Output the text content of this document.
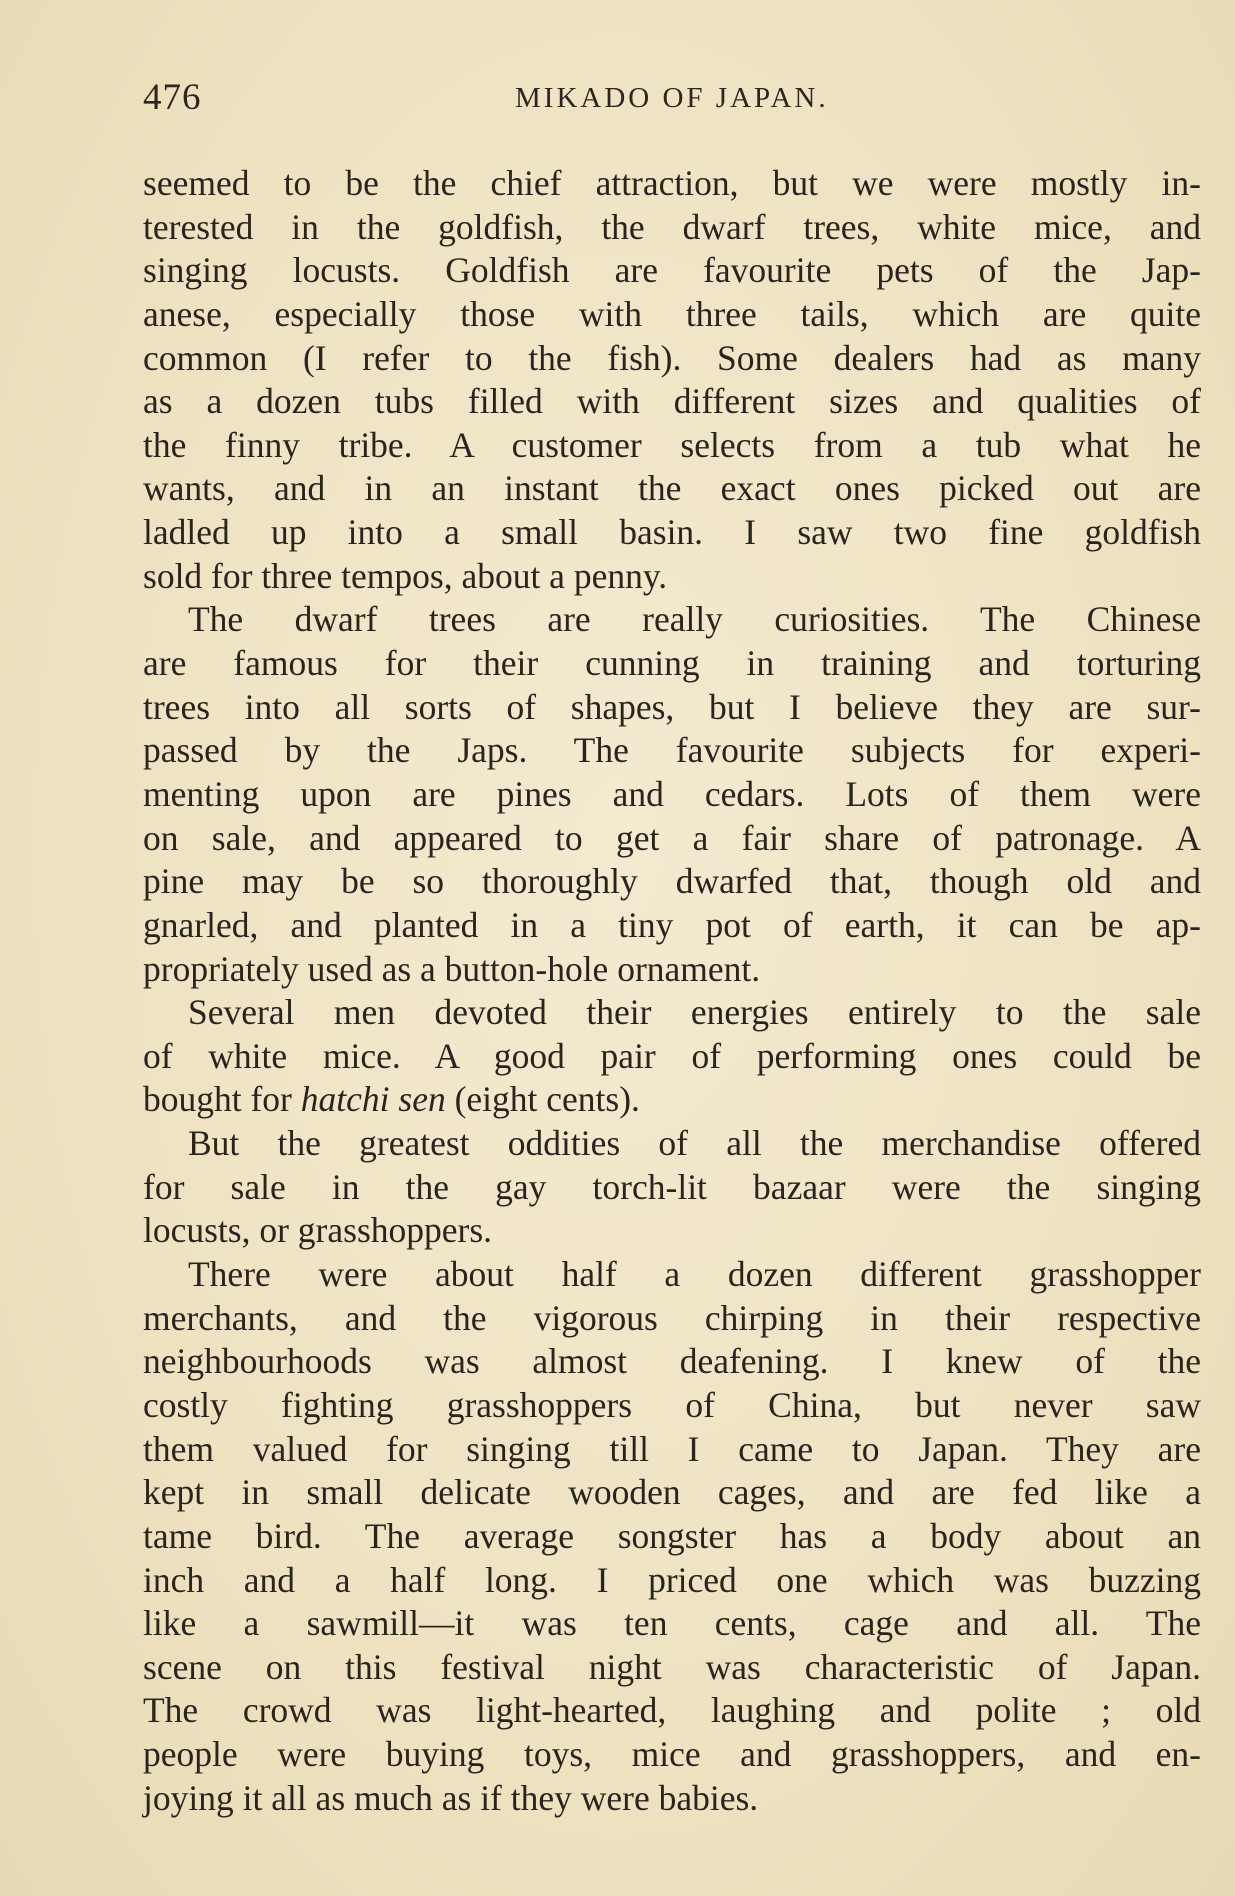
476	MIKADO OF JAPAN.
seemed to be the chief attraction, but we were mostly in-
terested in the goldfish, the dwarf trees, white mice, and
singing locusts. Goldfish are favourite pets of the Jap-
anese, especially those with three tails, which are quite
common (I refer to the fish). Some dealers had as many
as a dozen tubs filled with different sizes and qualities of
the finny tribe. A customer selects from a tub what he
wants, and in an instant the exact ones picked out are
ladled up into a small basin. I saw two fine goldfish
sold for three tempos, about a penny.
The dwarf trees are really curiosities. The Chinese
are famous for their cunning in training and torturing
trees into all sorts of shapes, but I believe they are sur-
passed by the Japs. The favourite subjects for experi-
menting upon are pines and cedars. Lots of them were
on sale, and appeared to get a fair share of patronage. A
pine may be so thoroughly dwarfed that, though old and
gnarled, and planted in a tiny pot of earth, it can be ap-
propriately used as a button-hole ornament.
Several men devoted their energies entirely to the sale
of white mice. A good pair of performing ones could be
bought for hatchi sen (eight cents).
But the greatest oddities of all the merchandise offered
for sale in the gay torch-lit bazaar were the singing
locusts, or grasshoppers.
There were about half a dozen different grasshopper
merchants, and the vigorous chirping in their respective
neighbourhoods was almost deafening. I knew of the
costly fighting grasshoppers of China, but never saw
them valued for singing till I came to Japan. They are
kept in small delicate wooden cages, and are fed like a
tame bird. The average songster has a body about an
inch and a half long. I priced one which was buzzing
like a sawmill—it was ten cents, cage and all. The
scene on this festival night was characteristic of Japan.
The crowd was light-hearted, laughing and polite ; old
people were buying toys, mice and grasshoppers, and en-
joying it all as much as if they were babies.
